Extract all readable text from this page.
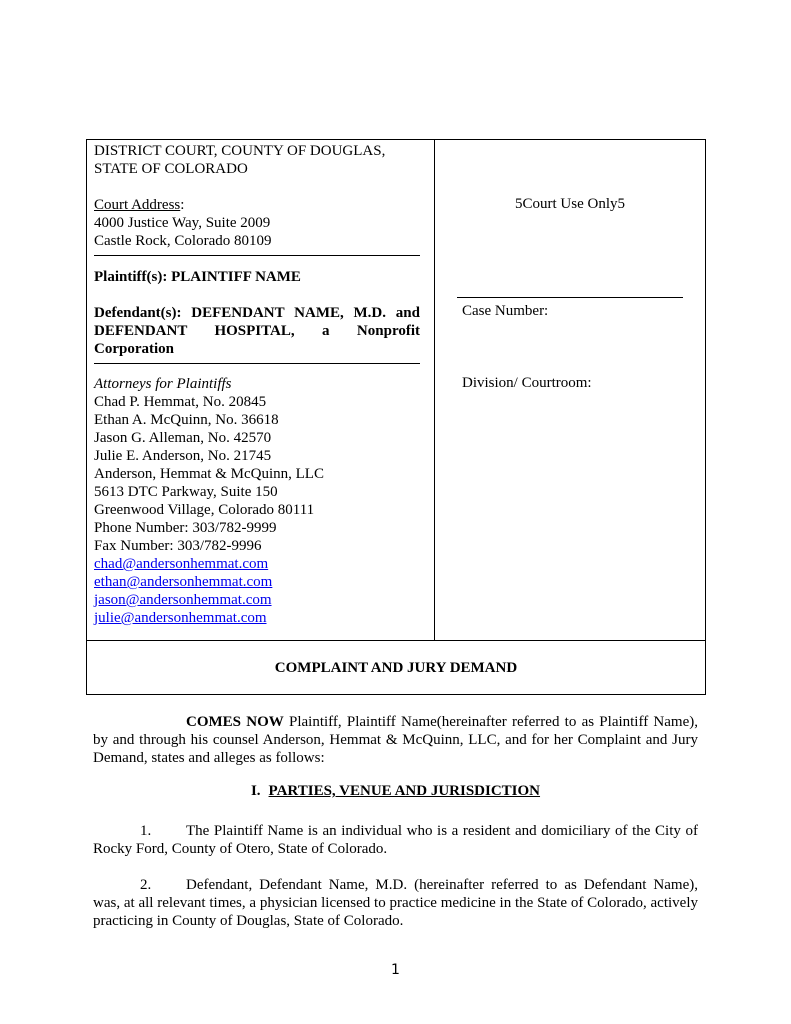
DISTRICT COURT, COUNTY OF DOUGLAS,
STATE OF COLORADO
Court Address:
4000 Justice Way, Suite 2009
Castle Rock, Colorado 80109
Plaintiff(s): PLAINTIFF NAME
Defendant(s): DEFENDANT NAME, M.D. and DEFENDANT HOSPITAL, a Nonprofit Corporation
Attorneys for Plaintiffs
Chad P. Hemmat, No. 20845
Ethan A. McQuinn, No. 36618
Jason G. Alleman, No. 42570
Julie E. Anderson, No. 21745
Anderson, Hemmat & McQuinn, LLC
5613 DTC Parkway, Suite 150
Greenwood Village, Colorado 80111
Phone Number: 303/782-9999
Fax Number: 303/782-9996
chad@andersonhemmat.com
ethan@andersonhemmat.com
jason@andersonhemmat.com
julie@andersonhemmat.com
5Court Use Only5
Case Number:
Division/ Courtroom:
COMPLAINT AND JURY DEMAND
COMES NOW Plaintiff, Plaintiff Name(hereinafter referred to as Plaintiff Name), by and through his counsel Anderson, Hemmat & McQuinn, LLC, and for her Complaint and Jury Demand, states and alleges as follows:
I. PARTIES, VENUE AND JURISDICTION
1. The Plaintiff Name is an individual who is a resident and domiciliary of the City of Rocky Ford, County of Otero, State of Colorado.
2. Defendant, Defendant Name, M.D. (hereinafter referred to as Defendant Name), was, at all relevant times, a physician licensed to practice medicine in the State of Colorado, actively practicing in County of Douglas, State of Colorado.
1
